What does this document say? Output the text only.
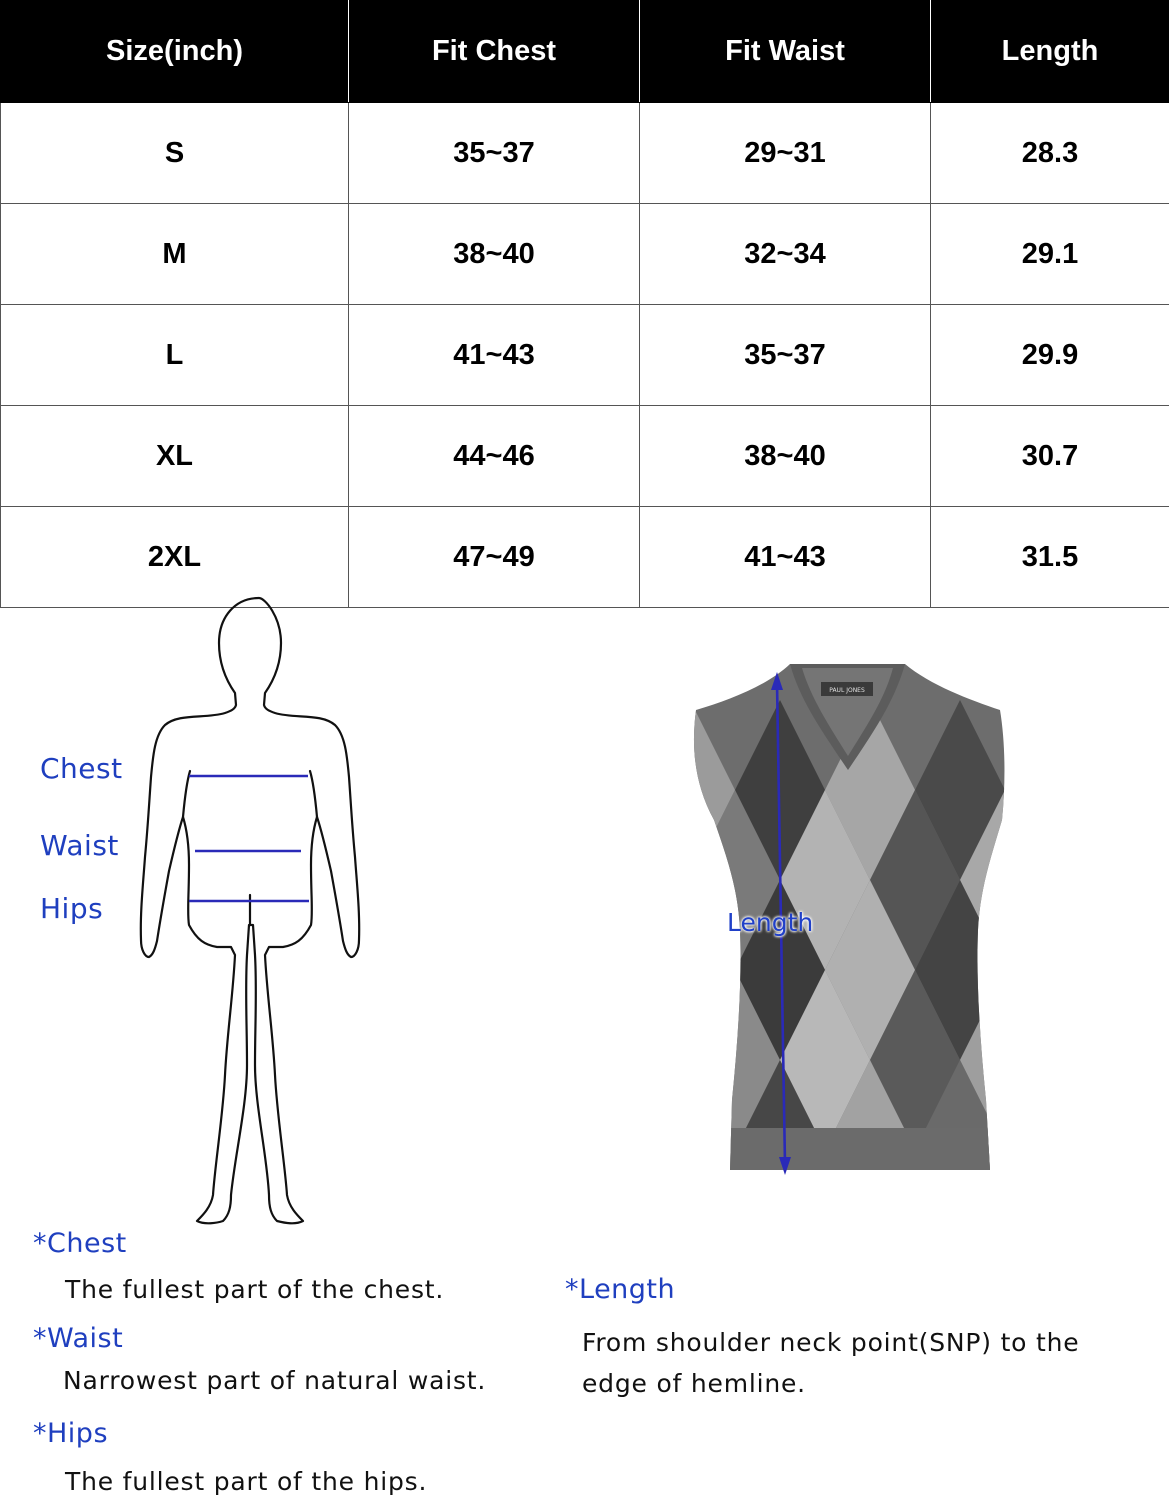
Size(inch)	Fit Chest	Fit Waist	Length
S	35~37	29~31	28.3
M	38~40	32~34	29.1
L	41~43	35~37	29.9
XL	44~46	38~40	30.7
2XL	47~49	41~43	31.5
Chest
Waist
Hips
PAUL JONES
Length
*Chest
The fullest part of the chest.
*Waist
Narrowest part of natural waist.
*Hips
The fullest part of the hips.
*Length
From shoulder neck point(SNP) to the
edge of hemline.
